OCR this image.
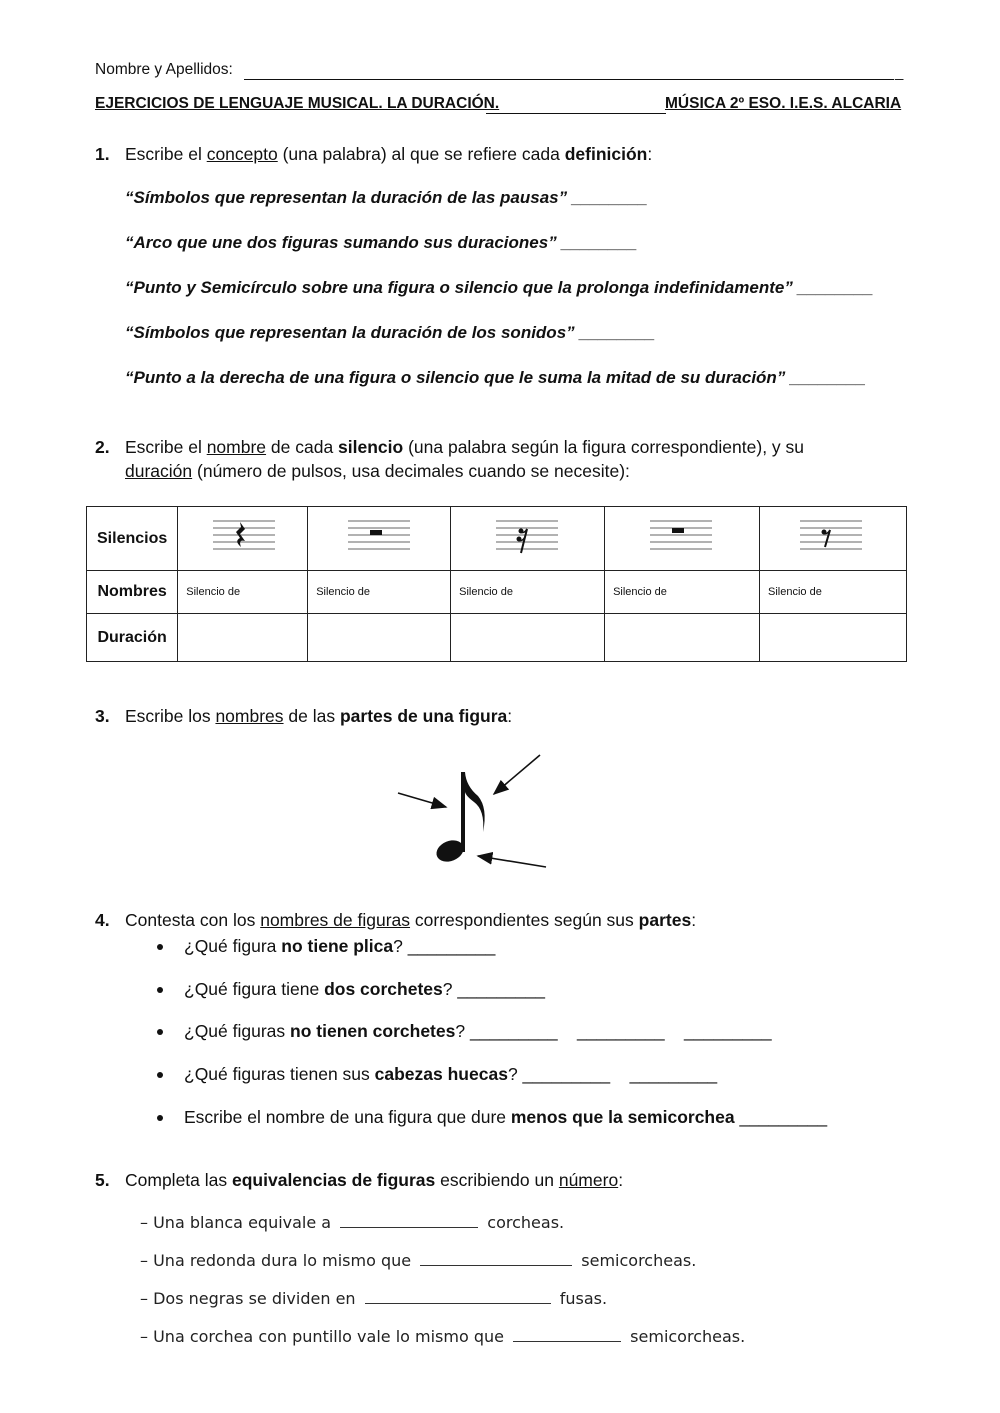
Nombre y Apellidos:	_
EJERCICIOS DE LENGUAJE MUSICAL. LA DURACIÓN.	MÚSICA 2º ESO. I.E.S. ALCARIA
1. Escribe el concepto (una palabra) al que se refiere cada definición:
“Símbolos que representan la duración de las pausas” ________
“Arco que une dos figuras sumando sus duraciones” ________
“Punto y Semicírculo sobre una figura o silencio que la prolonga indefinidamente” ________
“Símbolos que representan la duración de los sonidos” ________
“Punto a la derecha de una figura o silencio que le suma la mitad de su duración” ________
2. Escribe el nombre de cada silencio (una palabra según la figura correspondiente), y su
duración (número de pulsos, usa decimales cuando se necesite):
Silencios					
Nombres	Silencio de	Silencio de	Silencio de	Silencio de	Silencio de
Duración					
3. Escribe los nombres de las partes de una figura:
4. Contesta con los nombres de figuras correspondientes según sus partes:
¿Qué figura no tiene plica? _________
¿Qué figura tiene dos corchetes? _________
¿Qué figuras no tienen corchetes? _________    _________    _________
¿Qué figuras tienen sus cabezas huecas? _________    _________
Escribe el nombre de una figura que dure menos que la semicorchea _________
5. Completa las equivalencias de figuras escribiendo un número:
– Una blanca equivale a	corcheas.
– Una redonda dura lo mismo que	semicorcheas.
– Dos negras se dividen en	fusas.
– Una corchea con puntillo vale lo mismo que	semicorcheas.
